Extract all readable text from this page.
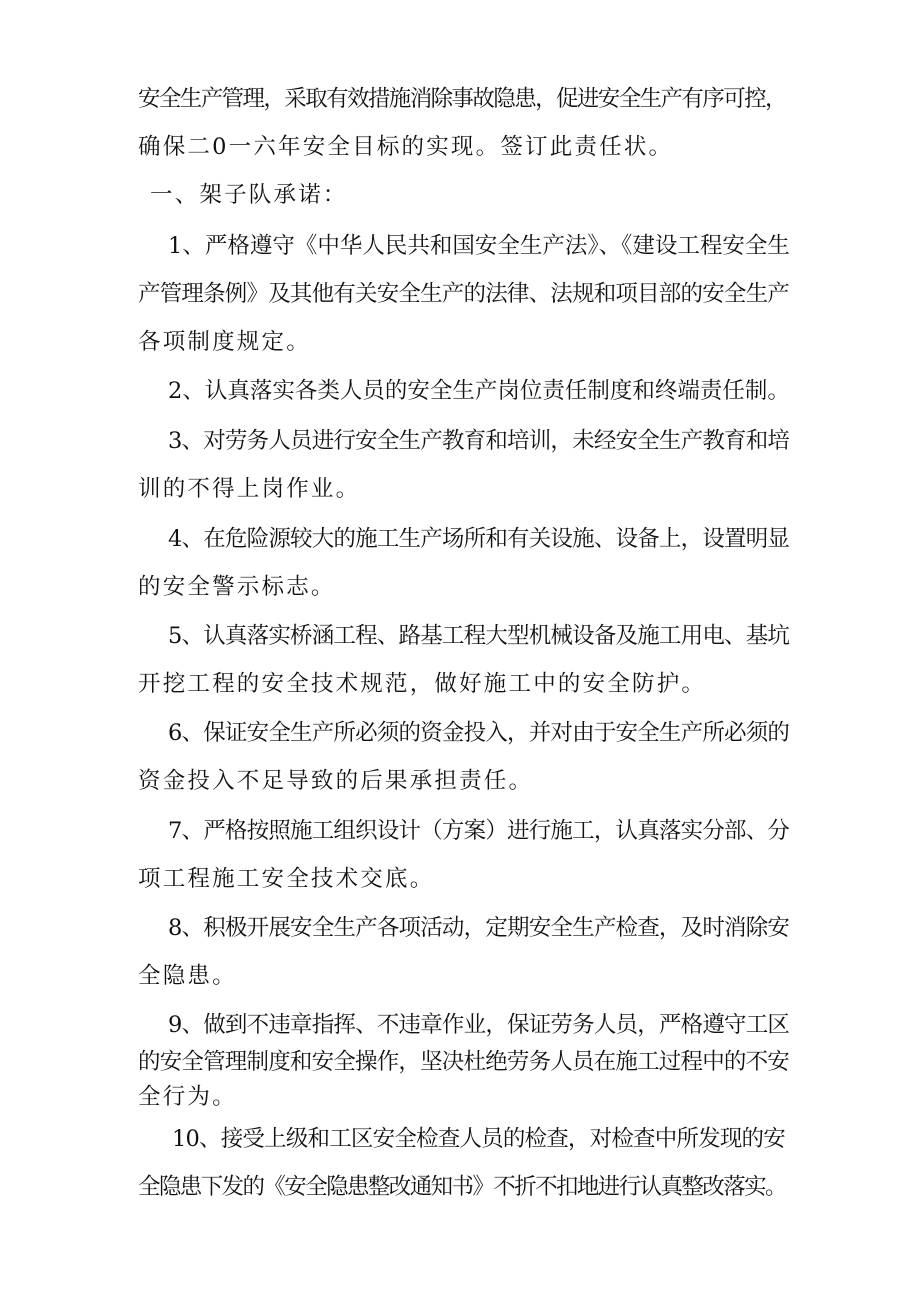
安全生产管理，采取有效措施消除事故隐患，促进安全生产有序可控，
确保二0一六年安全目标的实现。签订此责任状。
一、架子队承诺：
1、严格遵守《中华人民共和国安全生产法》、《建设工程安全生
产管理条例》及其他有关安全生产的法律、法规和项目部的安全生产
各项制度规定。
2、认真落实各类人员的安全生产岗位责任制度和终端责任制。
3、对劳务人员进行安全生产教育和培训，未经安全生产教育和培
训的不得上岗作业。
4、在危险源较大的施工生产场所和有关设施、设备上，设置明显
的安全警示标志。
5、认真落实桥涵工程、路基工程大型机械设备及施工用电、基坑
开挖工程的安全技术规范，做好施工中的安全防护。
6、保证安全生产所必须的资金投入，并对由于安全生产所必须的
资金投入不足导致的后果承担责任。
7、严格按照施工组织设计（方案）进行施工，认真落实分部、分
项工程施工安全技术交底。
8、积极开展安全生产各项活动，定期安全生产检查，及时消除安
全隐患。
9、做到不违章指挥、不违章作业，保证劳务人员，严格遵守工区
的安全管理制度和安全操作，坚决杜绝劳务人员在施工过程中的不安
全行为。
10、接受上级和工区安全检查人员的检查，对检查中所发现的安
全隐患下发的《安全隐患整改通知书》不折不扣地进行认真整改落实。
